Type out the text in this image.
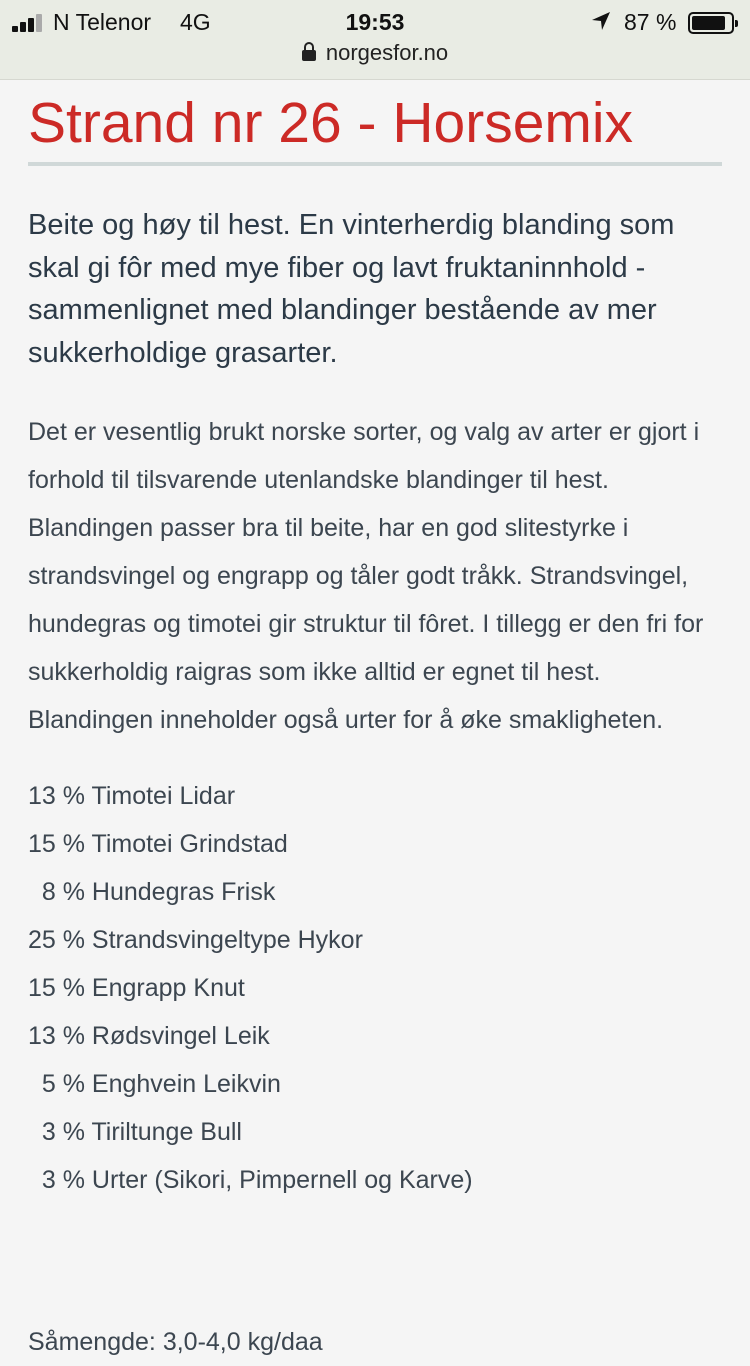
N Telenor 4G	19:53	87 %
norgesfor.no
Strand nr 26 - Horsemix

Beite og høy til hest. En vinterherdig blanding som skal gi fôr med mye fiber og lavt fruktaninnhold - sammenlignet med blandinger bestående av mer sukkerholdige grasarter.

Det er vesentlig brukt norske sorter, og valg av arter er gjort i forhold til tilsvarende utenlandske blandinger til hest. Blandingen passer bra til beite, har en god slitestyrke i strandsvingel og engrapp og tåler godt tråkk. Strandsvingel, hundegras og timotei gir struktur til fôret. I tillegg er den fri for sukkerholdig raigras som ikke alltid er egnet til hest. Blandingen inneholder også urter for å øke smakligheten.

13 % Timotei Lidar
15 % Timotei Grindstad
8 % Hundegras Frisk
25 % Strandsvingeltype Hykor
15 % Engrapp Knut
13 % Rødsvingel Leik
5 % Enghvein Leikvin
3 % Tiriltunge Bull
3 % Urter (Sikori, Pimpernell og Karve)
Såmengde: 3,0-4,0 kg/daa
